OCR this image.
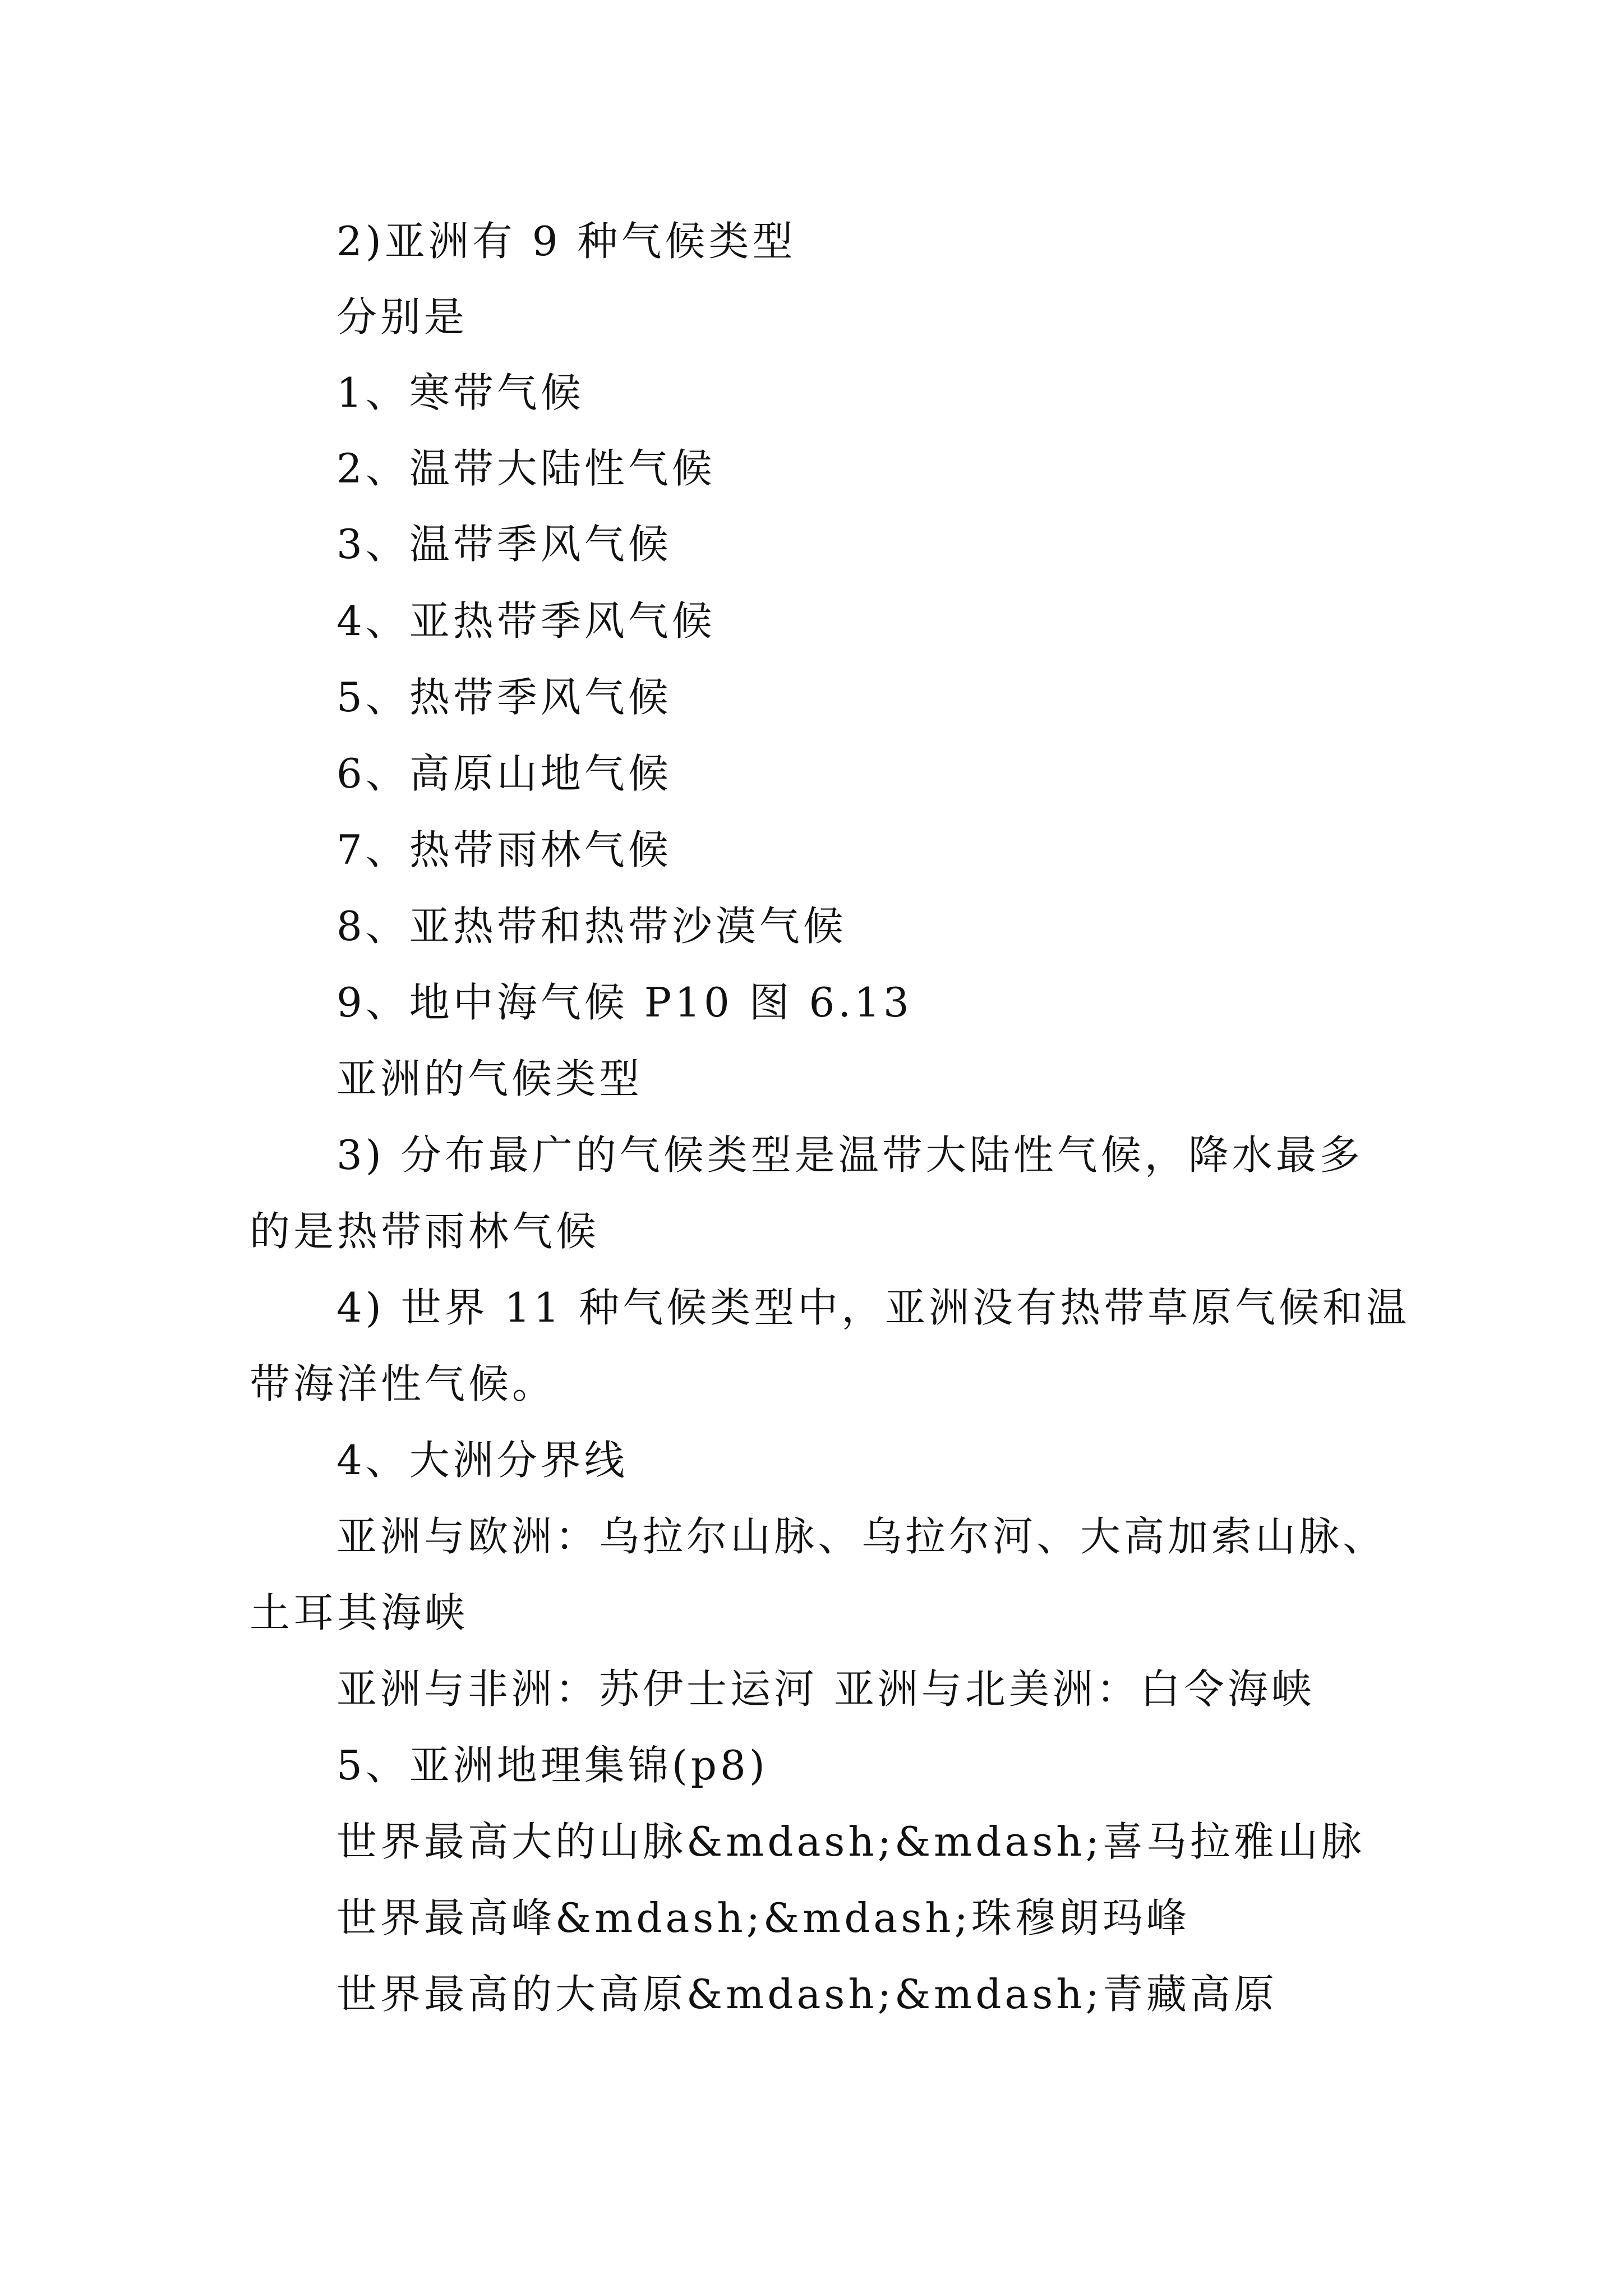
2)亚洲有 9 种气候类型
分别是
1、寒带气候
2、温带大陆性气候
3、温带季风气候
4、亚热带季风气候
5、热带季风气候
6、高原山地气候
7、热带雨林气候
8、亚热带和热带沙漠气候
9、地中海气候 P10 图 6.13
亚洲的气候类型
3) 分布最广的气候类型是温带大陆性气候，降水最多
的是热带雨林气候
4) 世界 11 种气候类型中，亚洲没有热带草原气候和温
带海洋性气候。
4、大洲分界线
亚洲与欧洲：乌拉尔山脉、乌拉尔河、大高加索山脉、
土耳其海峡
亚洲与非洲：苏伊士运河 亚洲与北美洲：白令海峡
5、亚洲地理集锦(p8)
世界最高大的山脉&mdash;&mdash;喜马拉雅山脉
世界最高峰&mdash;&mdash;珠穆朗玛峰
世界最高的大高原&mdash;&mdash;青藏高原
